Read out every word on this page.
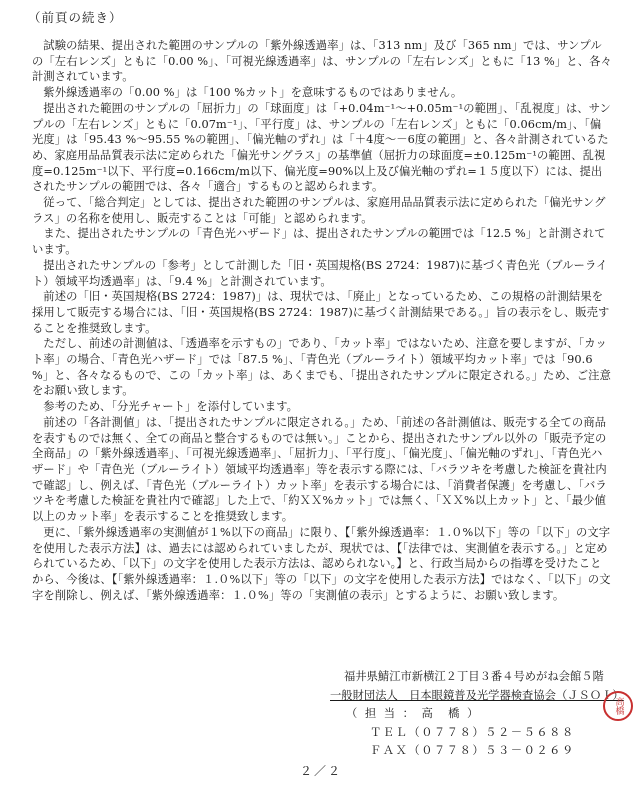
（前頁の続き）

試験の結果、提出された範囲のサンプルの「紫外線透過率」は、「313 nm」及び「365 nm」では、サンプルの「左右レンズ」ともに「0.00 %」、「可視光線透過率」は、サンプルの「左右レンズ」ともに「13 %」と、各々計測されています。

紫外線透過率の「0.00 %」は「100 %カット」を意味するものではありません。

提出された範囲のサンプルの「屈折力」の「球面度」は「+0.04m⁻¹～+0.05m⁻¹の範囲」、「乱視度」は、サンプルの「左右レンズ」ともに「0.07m⁻¹」、「平行度」は、サンプルの「左右レンズ」ともに「0.06cm/m」、「偏光度」は「95.43 %～95.55 %の範囲」、「偏光軸のずれ」は「＋4度～－6度の範囲」と、各々計測されているため、家庭用品品質表示法に定められた「偏光サングラス」の基準値（屈折力の球面度=±0.125m⁻¹の範囲、乱視度=0.125m⁻¹以下、平行度=0.166cm/m以下、偏光度=90%以上及び偏光軸のずれ=１５度以下）には、提出されたサンプルの範囲では、各々「適合」するものと認められます。

従って、「総合判定」としては、提出された範囲のサンプルは、家庭用品品質表示法に定められた「偏光サングラス」の名称を使用し、販売することは「可能」と認められます。

また、提出されたサンプルの「青色光ハザード」は、提出されたサンプルの範囲では「12.5 %」と計測されています。

提出されたサンプルの「参考」として計測した「旧・英国規格(BS 2724：1987)に基づく青色光（ブルーライト）領域平均透過率」は、「9.4 %」と計測されています。

前述の「旧・英国規格(BS 2724：1987)」は、現状では、「廃止」となっているため、この規格の計測結果を採用して販売する場合には、「旧・英国規格(BS 2724：1987)に基づく計測結果である。」旨の表示をし、販売することを推奨致します。

ただし、前述の計測値は、「透過率を示すもの」であり、「カット率」ではないため、注意を要しますが、「カット率」の場合、「青色光ハザード」では「87.5 %」、「青色光（ブルーライト）領域平均カット率」では「90.6 %」と、各々なるもので、この「カット率」は、あくまでも、「提出されたサンプルに限定される。」ため、ご注意をお願い致します。

参考のため、「分光チャート」を添付しています。

前述の「各計測値」は、「提出されたサンプルに限定される。」ため、「前述の各計測値は、販売する全ての商品を表すものでは無く、全ての商品と整合するものでは無い。」ことから、提出されたサンプル以外の「販売予定の全商品」の「紫外線透過率」、「可視光線透過率」、「屈折力」、「平行度」、「偏光度」、「偏光軸のずれ」、「青色光ハザード」や「青色光（ブルーライト）領域平均透過率」等を表示する際には、「バラツキを考慮した検証を貴社内で確認」し、例えば、「青色光（ブルーライト）カット率」を表示する場合には、「消費者保護」を考慮し、「バラツキを考慮した検証を貴社内で確認」した上で、「約ＸＸ%カット」では無く、「ＸＸ%以上カット」と、「最少値以上のカット率」を表示することを推奨致します。

更に、「紫外線透過率の実測値が１%以下の商品」に限り、【「紫外線透過率：１.０%以下」等の「以下」の文字を使用した表示方法】は、過去には認められていましたが、現状では、【「法律では、実測値を表示する。」と定められているため、「以下」の文字を使用した表示方法は、認められない。】と、行政当局からの指導を受けたことから、今後は、【「紫外線透過率：１.０%以下」等の「以下」の文字を使用した表示方法】ではなく、「以下」の文字を削除し、例えば、「紫外線透過率：１.０%」等の「実測値の表示」とするように、お願い致します。

福井県鯖江市新横江２丁目３番４号めがね会館５階
一般財団法人　日本眼鏡普及光学器検査協会（ＪＳＯＩ）
（ 担 当 ： 高　橋 ）
ＴＥＬ（０７７８）５２－５６８８
ＦＡＸ（０７７８）５３－０２６９
高橋
２／２
